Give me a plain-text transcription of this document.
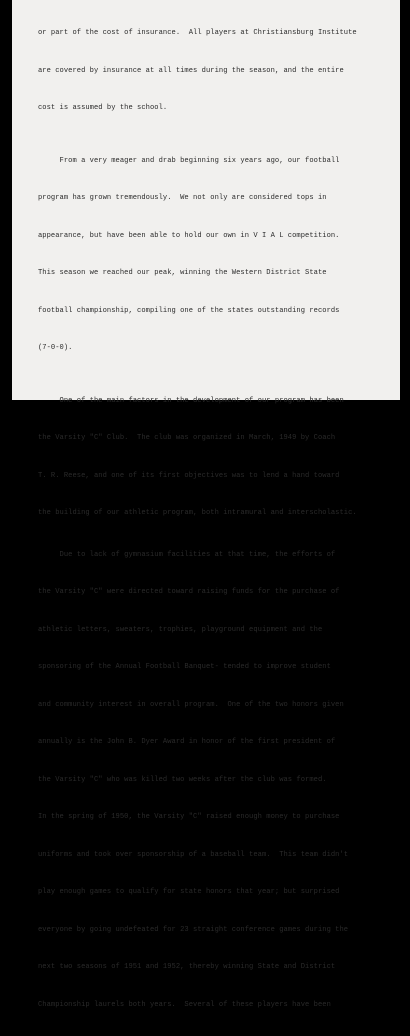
or part of the cost of insurance.  All players at Christiansburg Institute

are covered by insurance at all times during the season, and the entire

cost is assumed by the school.

From a very meager and drab beginning six years ago, our football

program has grown tremendously.  We not only are considered tops in

appearance, but have been able to hold our own in V I A L competition.

This season we reached our peak, winning the Western District State

football championship, compiling one of the states outstanding records

(7-0-0).

One of the main factors in the development of our program has been

the Varsity "C" Club.  The club was organized in March, 1949 by Coach

T. R. Reese, and one of its first objectives was to lend a hand toward

the building of our athletic program, both intramural and interscholastic.

Due to lack of gymnasium facilities at that time, the efforts of

the Varsity "C" were directed toward raising funds for the purchase of

athletic letters, sweaters, trophies, playground equipment and the

sponsoring of the Annual Football Banquet- tended to improve student

and community interest in overall program.  One of the two honors given

annually is the John B. Dyer Award in honor of the first president of

the Varsity "C" who was killed two weeks after the club was formed.

In the spring of 1950, the Varsity "C" raised enough money to purchase

uniforms and took over sponsorship of a baseball team.  This team didn't

play enough games to qualify for state honors that year; but surprised

everyone by going undefeated for 23 straight conference games during the

next two seasons of 1951 and 1952, thereby winning State and District

Championship laurels both years.  Several of these players have been
